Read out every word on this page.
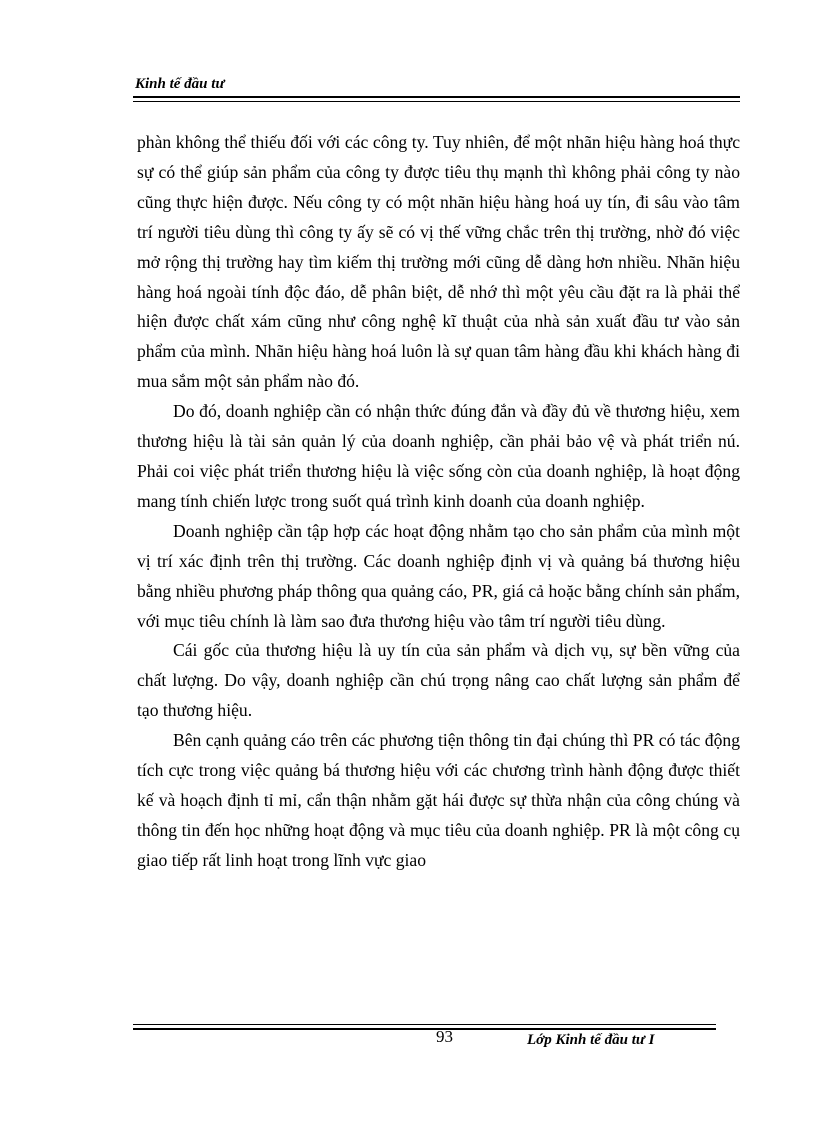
Kinh tế đầu tư

phàn không thể thiếu đối với các công ty. Tuy nhiên, để một nhãn hiệu hàng hoá thực sự có thể giúp sản phẩm của công ty được tiêu thụ mạnh thì không phải công ty nào cũng thực hiện được. Nếu công ty có một nhãn hiệu hàng hoá uy tín, đi sâu vào tâm trí người tiêu dùng thì công ty ấy sẽ có vị thế vững chắc trên thị trường, nhờ đó việc mở rộng thị trường hay tìm kiếm thị trường mới cũng dễ dàng hơn nhiều. Nhãn hiệu hàng hoá ngoài tính độc đáo, dễ phân biệt, dễ nhớ thì một yêu cầu đặt ra là phải thể hiện được chất xám cũng như công nghệ kĩ thuật của nhà sản xuất đầu tư vào sản phẩm của mình. Nhãn hiệu hàng hoá luôn là sự quan tâm hàng đầu khi khách hàng đi mua sắm một sản phẩm nào đó.

Do đó, doanh nghiệp cần có nhận thức đúng đắn và đầy đủ về thương hiệu, xem thương hiệu là tài sản quản lý của doanh nghiệp, cần phải bảo vệ và phát triển nú. Phải coi việc phát triển thương hiệu là việc sống còn của doanh nghiệp, là hoạt động mang tính chiến lược trong suốt quá trình kinh doanh của doanh nghiệp.

Doanh nghiệp cần tập hợp các hoạt động nhằm tạo cho sản phẩm của mình một vị trí xác định trên thị trường. Các doanh nghiệp định vị và quảng bá thương hiệu bằng nhiều phương pháp thông qua quảng cáo, PR, giá cả hoặc bằng chính sản phẩm, với mục tiêu chính là làm sao đưa thương hiệu vào tâm trí người tiêu dùng.

Cái gốc của thương hiệu là uy tín của sản phẩm và dịch vụ, sự bền vững của chất lượng. Do vậy, doanh nghiệp cần chú trọng nâng cao chất lượng sản phẩm để tạo thương hiệu.

Bên cạnh quảng cáo trên các phương tiện thông tin đại chúng thì PR có tác động tích cực trong việc quảng bá thương hiệu với các chương trình hành động được thiết kế và hoạch định tỉ mỉ, cẩn thận nhằm gặt hái được sự thừa nhận của công chúng và thông tin đến học những hoạt động và mục tiêu của doanh nghiệp. PR là một công cụ giao tiếp rất linh hoạt trong lĩnh vực giao

93	Lớp Kinh tế đầu tư I
